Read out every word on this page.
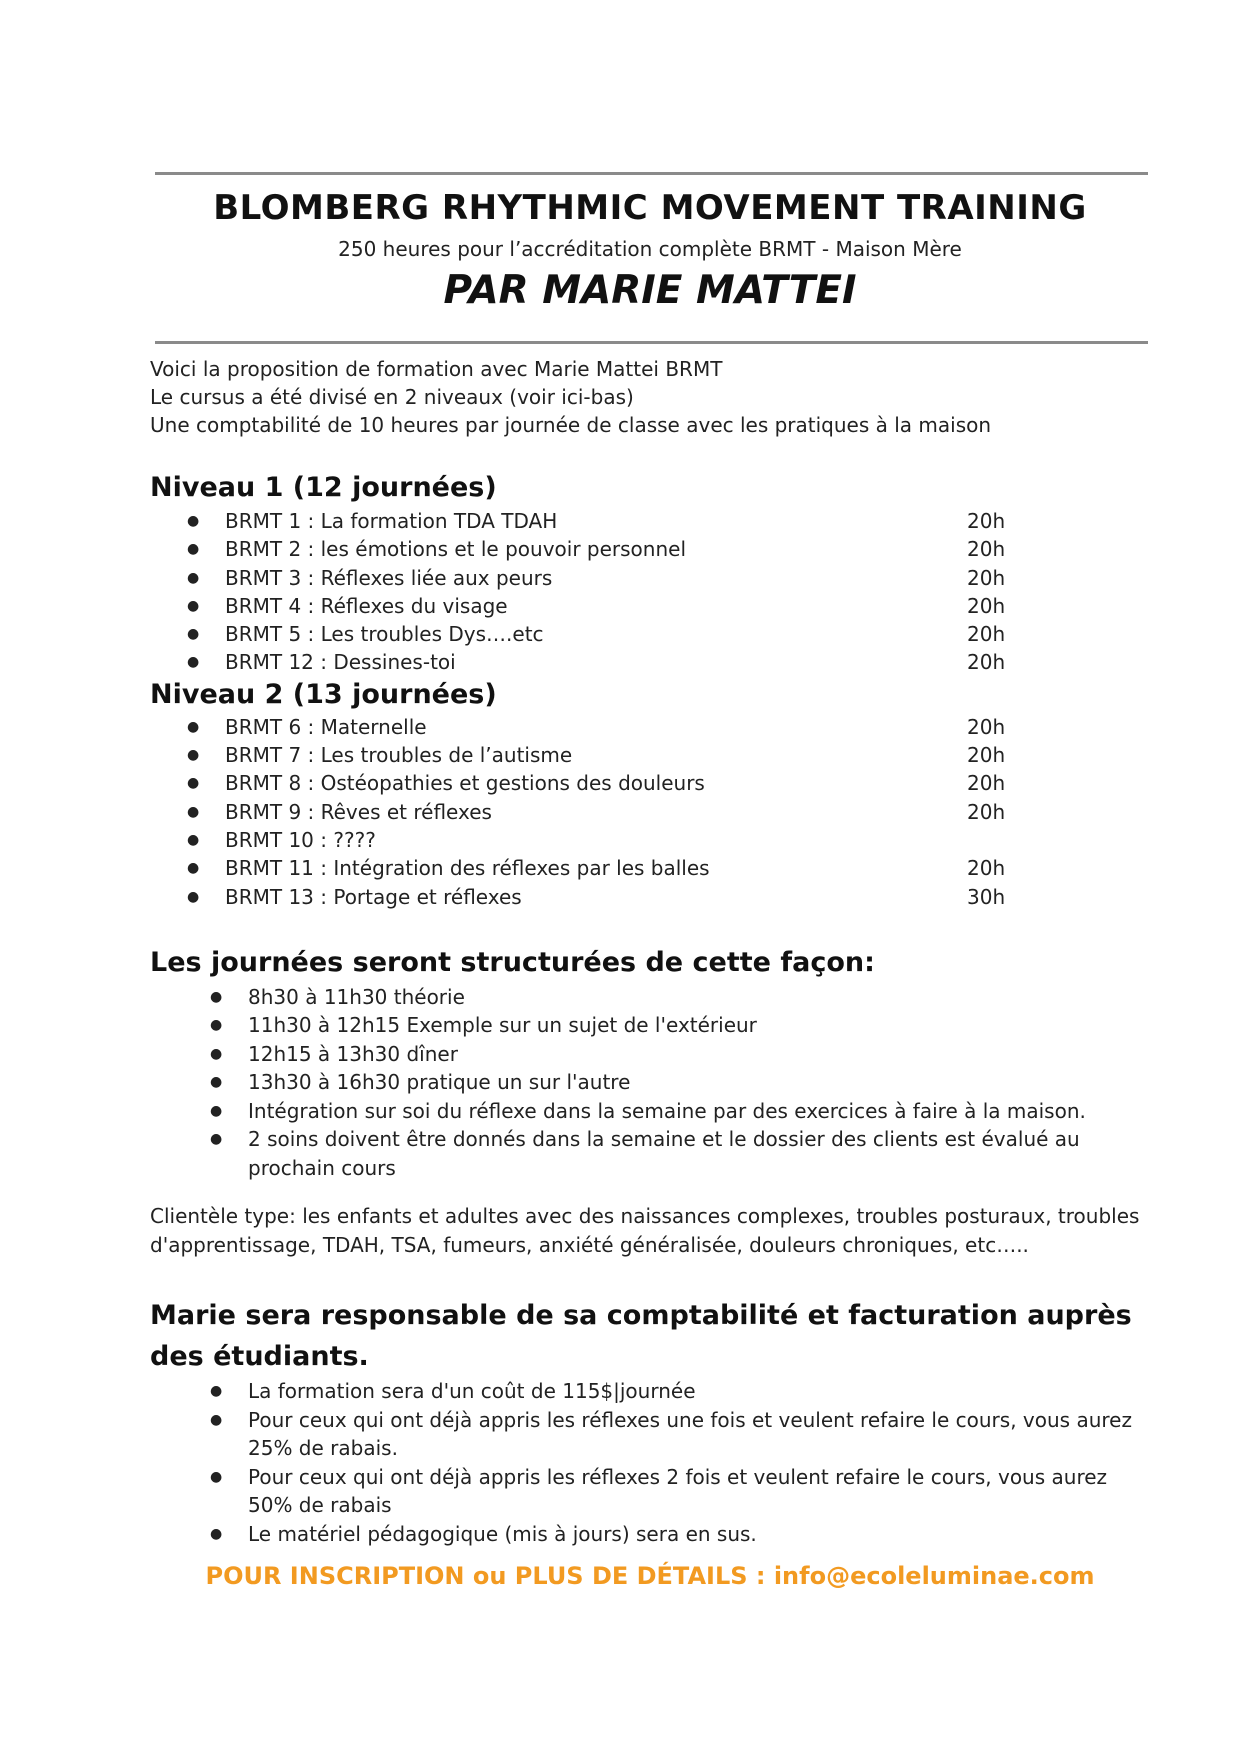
BLOMBERG RHYTHMIC MOVEMENT TRAINING
250 heures pour l’accréditation complète BRMT - Maison Mère
PAR MARIE MATTEI
Voici la proposition de formation avec Marie Mattei BRMT
Le cursus a été divisé en 2 niveaux (voir ici-bas)
Une comptabilité de 10 heures par journée de classe avec les pratiques à la maison
Niveau 1 (12 journées)
● BRMT 1 : La formation TDA TDAH	20h
● BRMT 2 : les émotions et le pouvoir personnel	20h
● BRMT 3 : Réflexes liée aux peurs	20h
● BRMT 4 : Réflexes du visage	20h
● BRMT 5 : Les troubles Dys….etc	20h
● BRMT 12 : Dessines-toi	20h
Niveau 2 (13 journées)
● BRMT 6 : Maternelle	20h
● BRMT 7 : Les troubles de l’autisme	20h
● BRMT 8 : Ostéopathies et gestions des douleurs	20h
● BRMT 9 : Rêves et réflexes	20h
● BRMT 10 : ????
● BRMT 11 : Intégration des réflexes par les balles	20h
● BRMT 13 : Portage et réflexes	30h
Les journées seront structurées de cette façon:
● 8h30 à 11h30 théorie
● 11h30 à 12h15 Exemple sur un sujet de l'extérieur
● 12h15 à 13h30 dîner
● 13h30 à 16h30 pratique un sur l'autre
● Intégration sur soi du réflexe dans la semaine par des exercices à faire à la maison.
● 2 soins doivent être donnés dans la semaine et le dossier des clients est évalué au prochain cours
Clientèle type: les enfants et adultes avec des naissances complexes, troubles posturaux, troubles d'apprentissage, TDAH, TSA, fumeurs, anxiété généralisée, douleurs chroniques, etc…..
Marie sera responsable de sa comptabilité et facturation auprès des étudiants.
● La formation sera d'un coût de 115$|journée
● Pour ceux qui ont déjà appris les réflexes une fois et veulent refaire le cours, vous aurez 25% de rabais.
● Pour ceux qui ont déjà appris les réflexes 2 fois et veulent refaire le cours, vous aurez 50% de rabais
● Le matériel pédagogique (mis à jours) sera en sus.
POUR INSCRIPTION ou PLUS DE DÉTAILS : info@ecoleluminae.com
